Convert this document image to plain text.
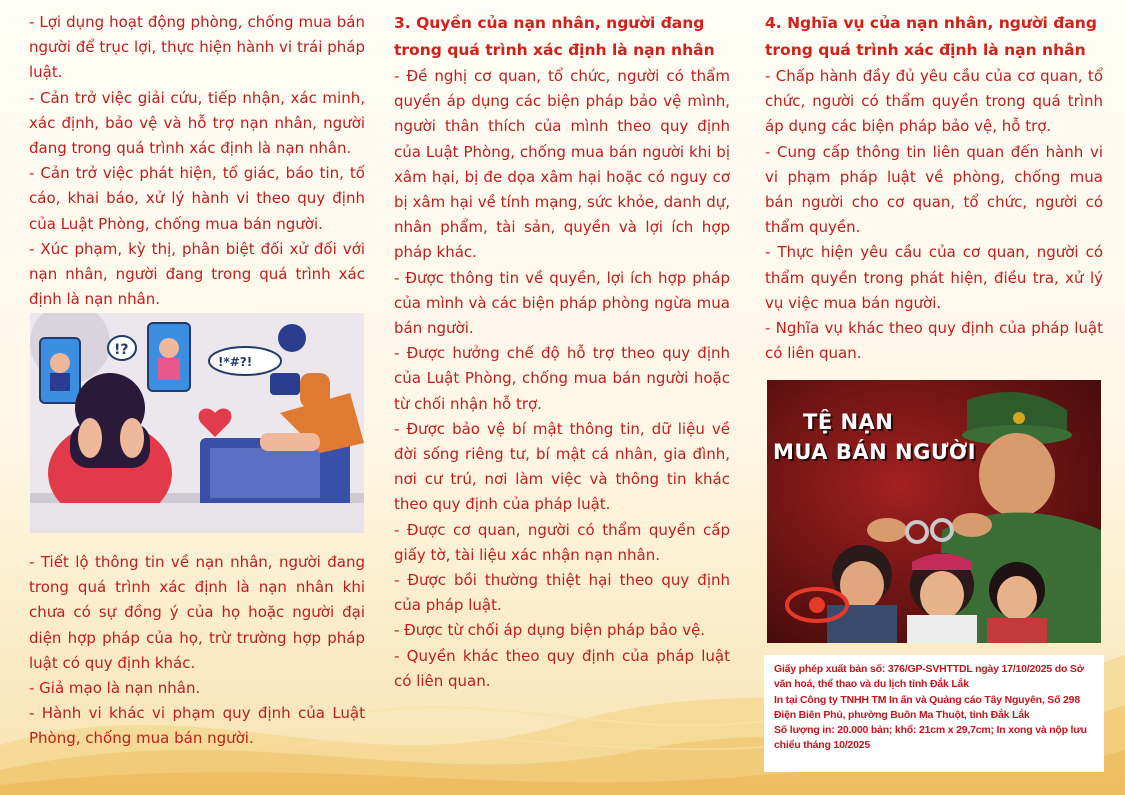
- Lợi dụng hoạt động phòng, chống mua bán người để trục lợi, thực hiện hành vi trái pháp luật.

- Cản trở việc giải cứu, tiếp nhận, xác minh, xác định, bảo vệ và hỗ trợ nạn nhân, người đang trong quá trình xác định là nạn nhân.

- Cản trở việc phát hiện, tố giác, báo tin, tố cáo, khai báo, xử lý hành vi theo quy định của Luật Phòng, chống mua bán người.

- Xúc phạm, kỳ thị, phân biệt đối xử đối với nạn nhân, người đang trong quá trình xác định là nạn nhân.

!?
!*#?!

- Tiết lộ thông tin về nạn nhân, người đang trong quá trình xác định là nạn nhân khi chưa có sự đồng ý của họ hoặc người đại diện hợp pháp của họ, trừ trường hợp pháp luật có quy định khác.

- Giả mạo là nạn nhân.

- Hành vi khác vi phạm quy định của Luật Phòng, chống mua bán người.

3. Quyền của nạn nhân, người đang trong quá trình xác định là nạn nhân

- Đề nghị cơ quan, tổ chức, người có thẩm quyền áp dụng các biện pháp bảo vệ mình, người thân thích của mình theo quy định của Luật Phòng, chống mua bán người khi bị xâm hại, bị đe dọa xâm hại hoặc có nguy cơ bị xâm hại về tính mạng, sức khỏe, danh dự, nhân phẩm, tài sản, quyền và lợi ích hợp pháp khác.

- Được thông tin về quyền, lợi ích hợp pháp của mình và các biện pháp phòng ngừa mua bán người.

- Được hưởng chế độ hỗ trợ theo quy định của Luật Phòng, chống mua bán người hoặc từ chối nhận hỗ trợ.

- Được bảo vệ bí mật thông tin, dữ liệu về đời sống riêng tư, bí mật cá nhân, gia đình, nơi cư trú, nơi làm việc và thông tin khác theo quy định của pháp luật.

- Được cơ quan, người có thẩm quyền cấp giấy tờ, tài liệu xác nhận nạn nhân.

- Được bồi thường thiệt hại theo quy định của pháp luật.

- Được từ chối áp dụng biện pháp bảo vệ.

- Quyền khác theo quy định của pháp luật có liên quan.

4. Nghĩa vụ của nạn nhân, người đang trong quá trình xác định là nạn nhân

- Chấp hành đầy đủ yêu cầu của cơ quan, tổ chức, người có thẩm quyền trong quá trình áp dụng các biện pháp bảo vệ, hỗ trợ.

- Cung cấp thông tin liên quan đến hành vi vi phạm pháp luật về phòng, chống mua bán người cho cơ quan, tổ chức, người có thẩm quyền.

- Thực hiện yêu cầu của cơ quan, người có thẩm quyền trong phát hiện, điều tra, xử lý vụ việc mua bán người.

- Nghĩa vụ khác theo quy định của pháp luật có liên quan.

TỆ NẠN
MUA BÁN NGƯỜI

Giấy phép xuất bản số: 376/GP-SVHTTDL ngày 17/10/2025 do Sở văn hoá, thể thao và du lịch tỉnh Đắk Lắk

In tại Công ty TNHH TM In ấn và Quảng cáo Tây Nguyên, Số 298 Điện Biên Phủ, phường Buôn Ma Thuột, tỉnh Đắk Lắk

Số lượng in: 20.000 bản; khổ: 21cm x 29,7cm; In xong và nộp lưu chiểu tháng 10/2025
